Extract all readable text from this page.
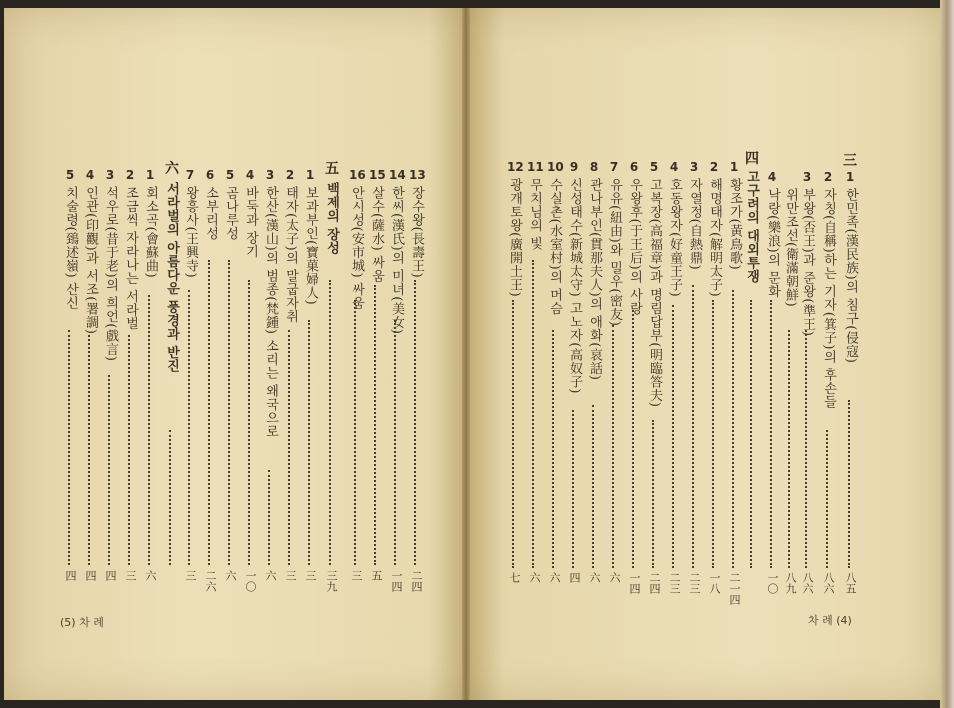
三
1
한민족(漢民族)의 침구(侵寇)
八五
2
자칭(自稱)하는 기자(箕子)의 후손들
八六
3
부왕(否王)과 준왕(準王)
八六
위만조선(衛滿朝鮮)
八九
4
낙랑(樂浪)의 문화
一〇
四
고구려의 대외투쟁
1
황조가(黃鳥歌)
二一四
2
해명태자(解明太子)
一八
3
자열정(自熱鼎)
二三
4
호동왕자(好童王子)
二三
5
고복장(高福章)과 명림답부(明臨答夫)
二四
6
우왕후(于王后)의 사랑
一四
7
유유(紐由)와 밀우(密友)
六
8
관나부인(貫那夫人)의 애화(哀話)
六
9
신성태수(新城太守) 고노자(高奴子)
四
10
수실촌(水室村)의 머슴
六
11
무치님의 빛
六
12
광개토왕(廣開土王)
七
13
장수왕(長壽王)
二四
14
한씨(漢氏)의 미녀(美女)
一四
15
살수(薩水) 싸움
五
16
안시성(安市城) 싸움
三
五
백제의 장성
三九
1
보과부인(寶菓婦人)
三
2
태자(太子)의 말굽자취
三
3
한산(漢山)의 범종(梵鍾) 소리는 왜국으로
六
4
바둑과 장기
一〇
5
곰나루성
六
6
소부리성
二六
7
왕흥사(王興寺)
三
六
서라벌의 아름다운 풍경과 반진
1
회소곡(會蘇曲)
六
2
조금씩 자라나는 서라벌
三
3
석우로(昔于老)의 희언(戲言)
四
4
인관(印觀)과 서조(署調)
四
5
치술령(鵄述嶺) 산신
四
(5) 차 례	차 례 (4)
